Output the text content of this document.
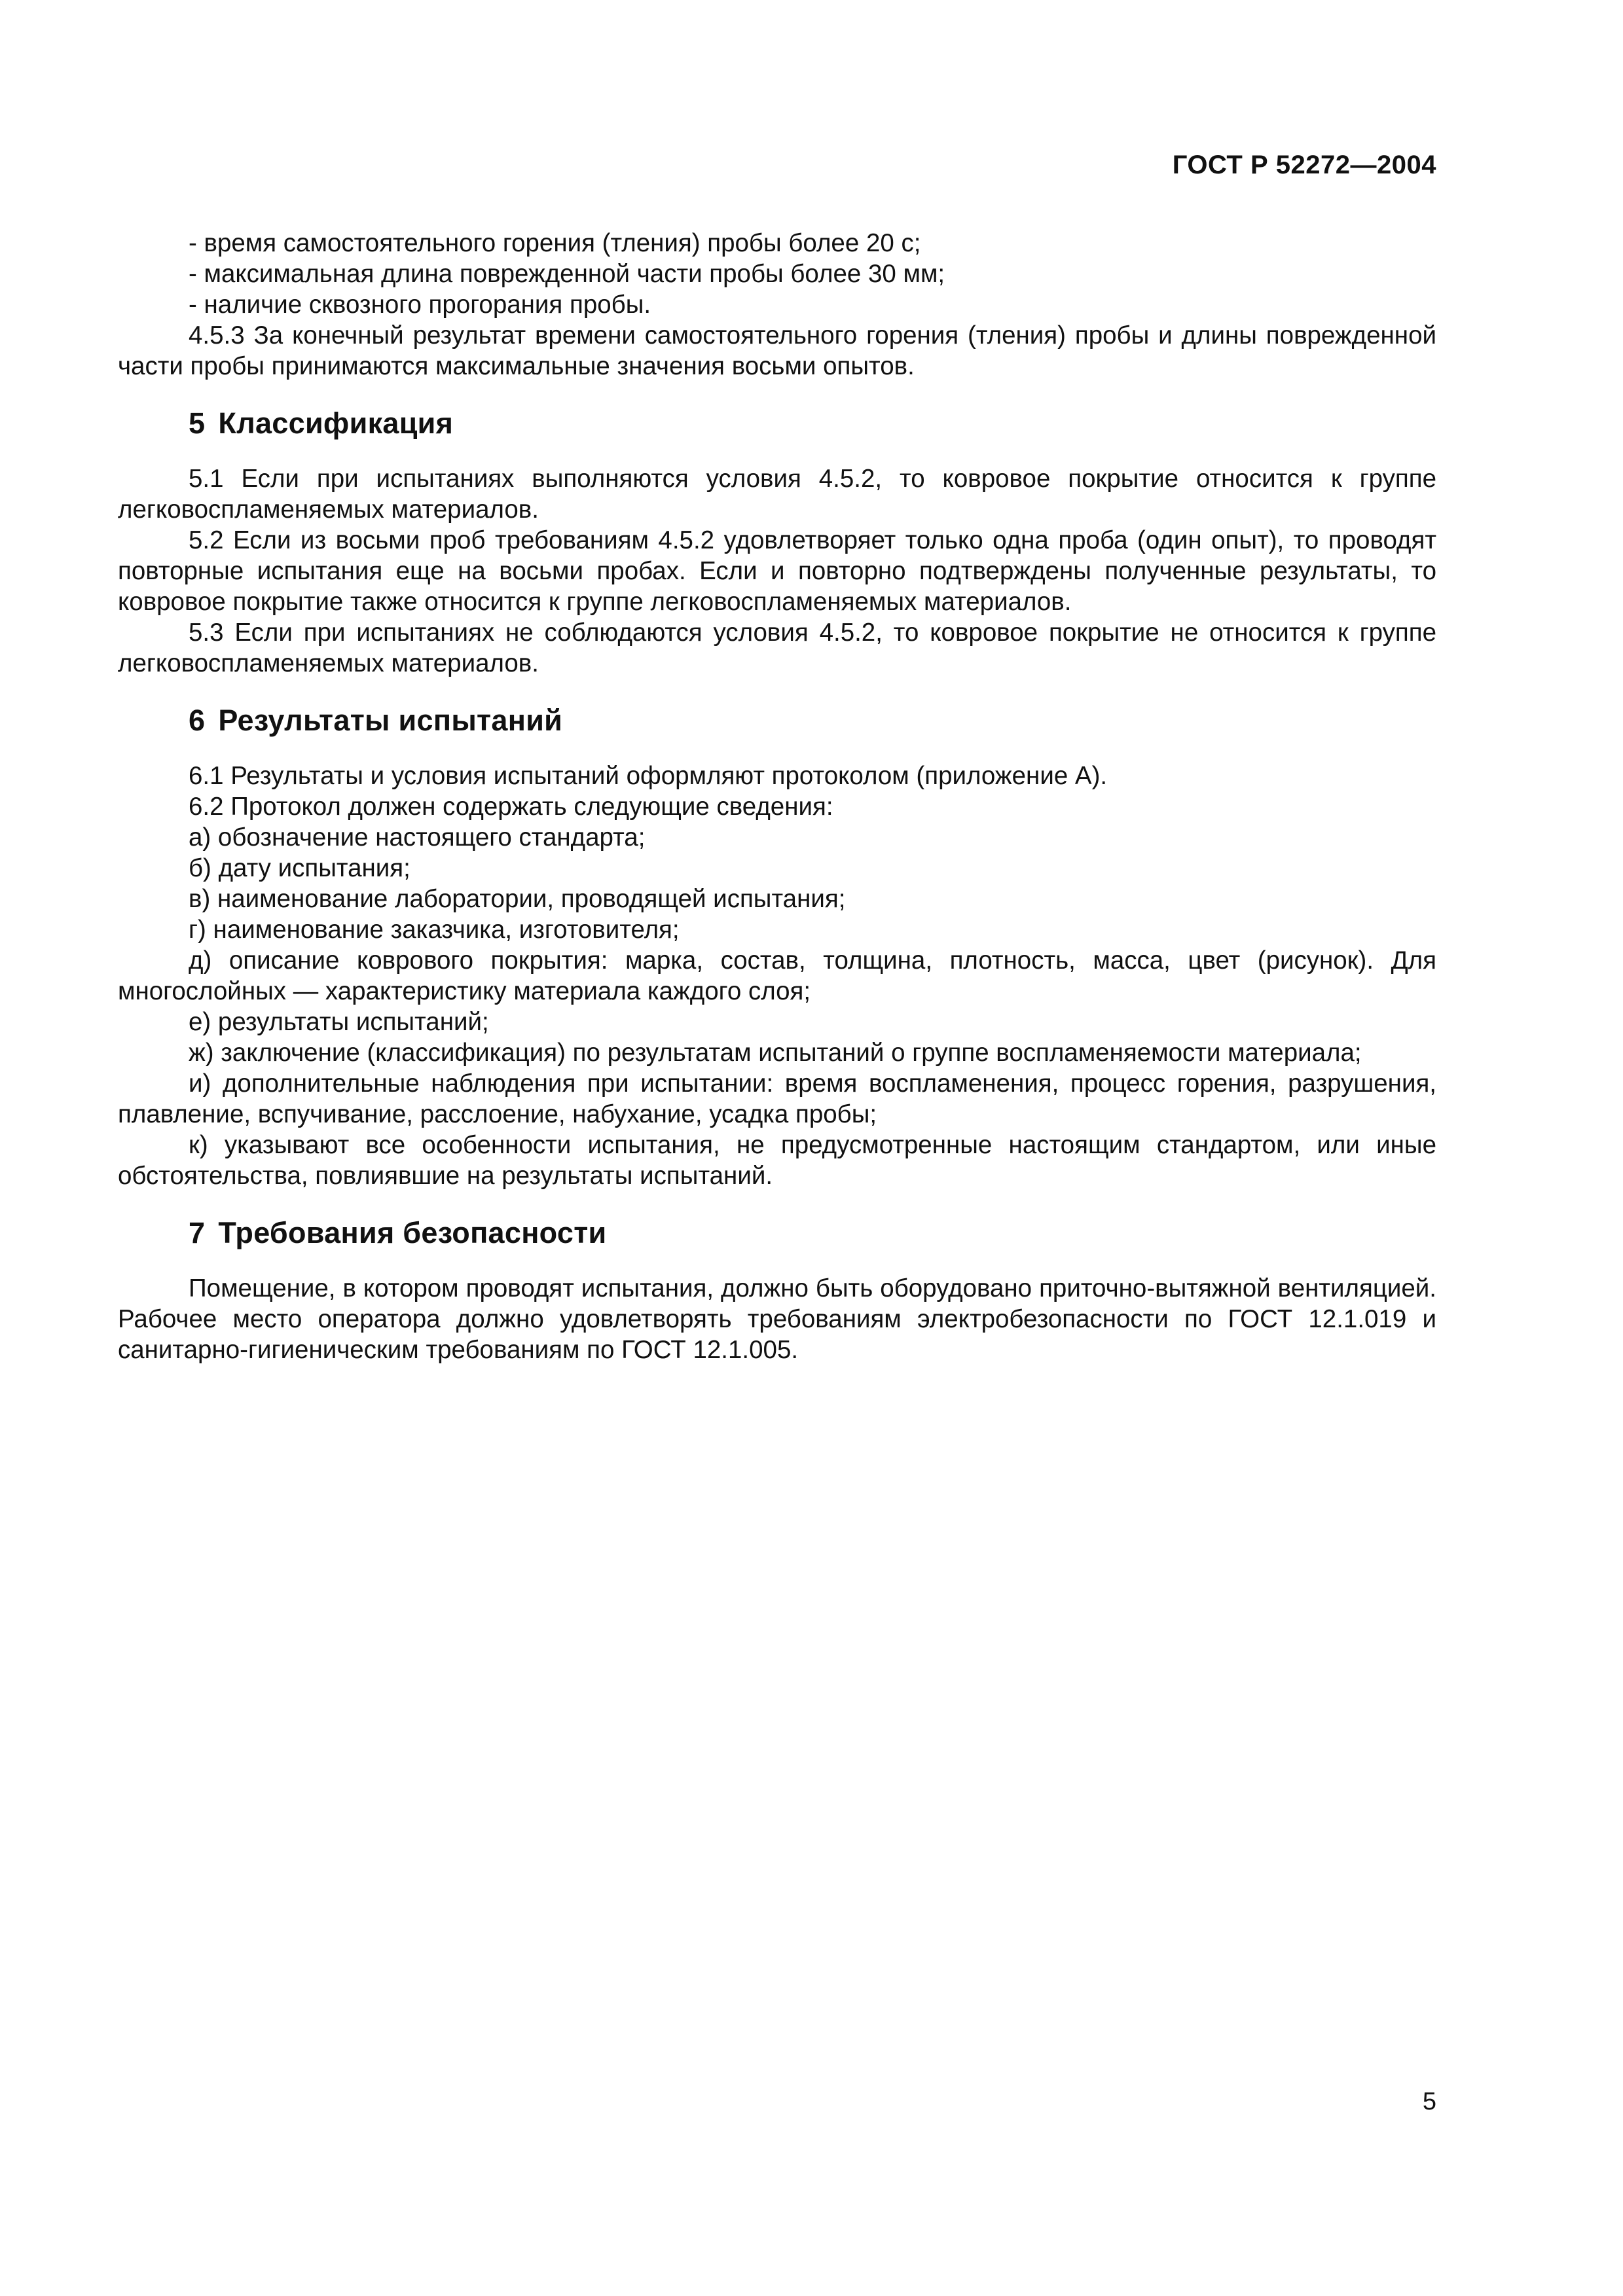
ГОСТ Р 52272—2004

- время самостоятельного горения (тления) пробы более 20 с;

- максимальная длина поврежденной части пробы более 30 мм;

- наличие сквозного прогорания пробы.

4.5.3 За конечный результат времени самостоятельного горения (тления) пробы и длины поврежденной части пробы принимаются максимальные значения восьми опытов.

5 Классификация

5.1 Если при испытаниях выполняются условия 4.5.2, то ковровое покрытие относится к группе легковоспламеняемых материалов.

5.2 Если из восьми проб требованиям 4.5.2 удовлетворяет только одна проба (один опыт), то проводят повторные испытания еще на восьми пробах. Если и повторно подтверждены полученные результаты, то ковровое покрытие также относится к группе легковоспламеняемых материалов.

5.3 Если при испытаниях не соблюдаются условия 4.5.2, то ковровое покрытие не относится к группе легковоспламеняемых материалов.

6 Результаты испытаний

6.1 Результаты и условия испытаний оформляют протоколом (приложение А).

6.2 Протокол должен содержать следующие сведения:

а) обозначение настоящего стандарта;

б) дату испытания;

в) наименование лаборатории, проводящей испытания;

г) наименование заказчика, изготовителя;

д) описание коврового покрытия: марка, состав, толщина, плотность, масса, цвет (рисунок). Для многослойных — характеристику материала каждого слоя;

е) результаты испытаний;

ж) заключение (классификация) по результатам испытаний о группе воспламеняемости материала;

и) дополнительные наблюдения при испытании: время воспламенения, процесс горения, разрушения, плавление, вспучивание, расслоение, набухание, усадка пробы;

к) указывают все особенности испытания, не предусмотренные настоящим стандартом, или иные обстоятельства, повлиявшие на результаты испытаний.

7 Требования безопасности

Помещение, в котором проводят испытания, должно быть оборудовано приточно-вытяжной вентиляцией. Рабочее место оператора должно удовлетворять требованиям электробезопасности по ГОСТ 12.1.019 и санитарно-гигиеническим требованиям по ГОСТ 12.1.005.

5
